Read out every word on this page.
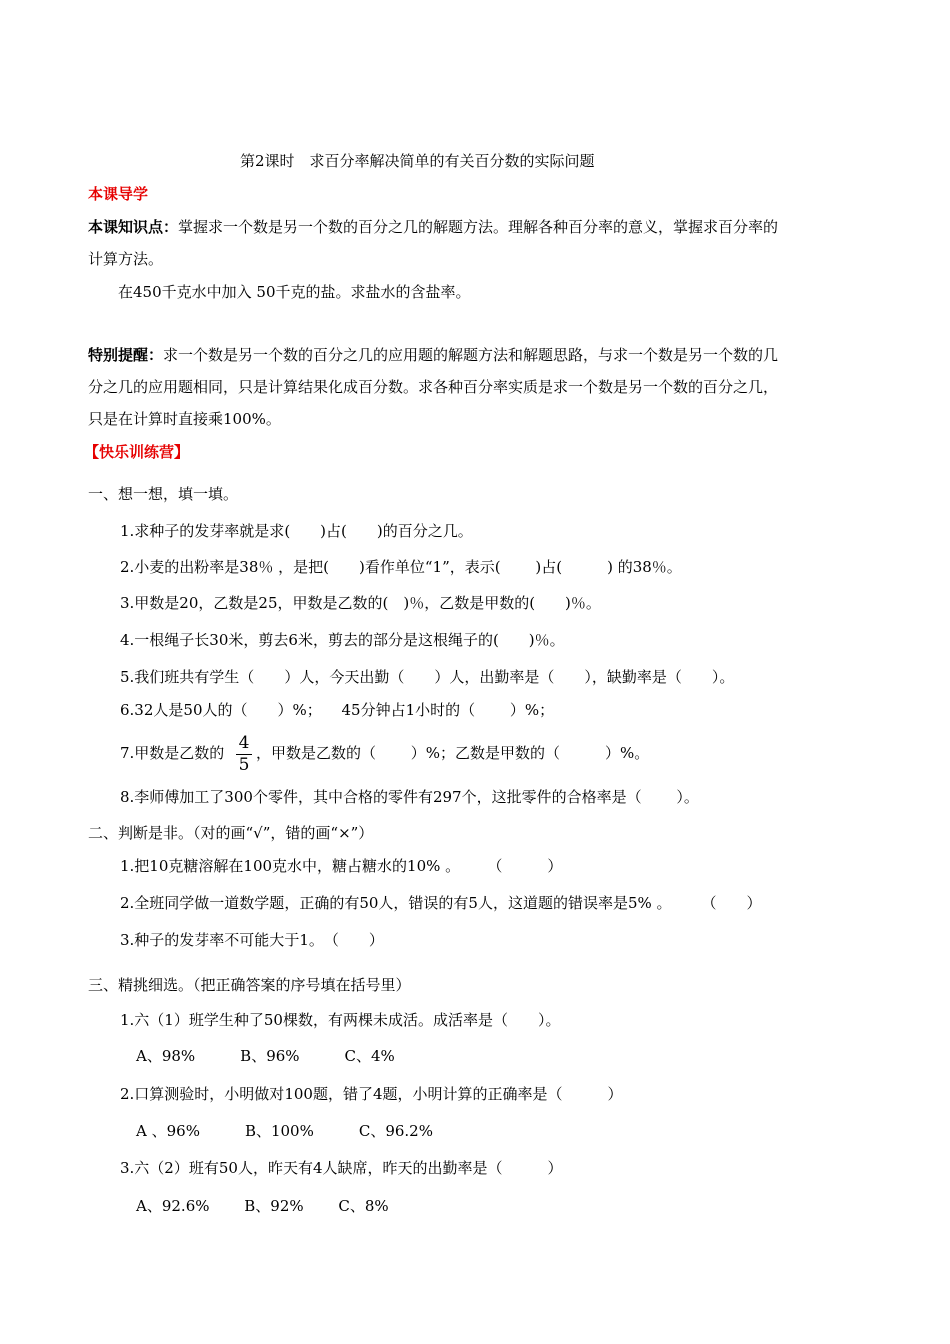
第2课时　求百分率解决简单的有关百分数的实际问题
本课导学
本课知识点：掌握求一个数是另一个数的百分之几的解题方法。理解各种百分率的意义，掌握求百分率的
计算方法。
在450千克水中加入 50千克的盐。求盐水的含盐率。
特别提醒：求一个数是另一个数的百分之几的应用题的解题方法和解题思路，与求一个数是另一个数的几
分之几的应用题相同，只是计算结果化成百分数。求各种百分率实质是求一个数是另一个数的百分之几，
只是在计算时直接乘100%。
【快乐训练营】
一、想一想，填一填。
1.求种子的发芽率就是求(　　)占(　　)的百分之几。
2.小麦的出粉率是38％ ，是把(　　)看作单位“1”，表示(　　 )占(　　　) 的38％。
3.甲数是20，乙数是25，甲数是乙数的(　)％，乙数是甲数的(　　)％。
4.一根绳子长30米，剪去6米，剪去的部分是这根绳子的(　　)％。
5.我们班共有学生（　　）人，今天出勤（　　）人，出勤率是（　　），缺勤率是（　　）。
6.32人是50人的（　　）%； 　45分钟占1小时的（　　 ）%；
7.甲数是乙数的 4
5
，甲数是乙数的（　　 ）%；乙数是甲数的（　　　）%。
8.李师傅加工了300个零件，其中合格的零件有297个，这批零件的合格率是（　　 ）。
二、判断是非。（对的画“√”，错的画“×”）
1.把10克糖溶解在100克水中，糖占糖水的10% 。　　 （　　　）
2.全班同学做一道数学题，正确的有50人，错误的有5人，这道题的错误率是5% 。　　　（　　）
3.种子的发芽率不可能大于1。　（　　）
三、精挑细选。（把正确答案的序号填在括号里）
1.六（1）班学生种了50棵数，有两棵未成活。成活率是（　　）。
A、98%　　　B、96%　　　C、4%
2.口算测验时，小明做对100题，错了4题，小明计算的正确率是（　　　）
A 、96%　　　B、100%　　　C、96.2%
3.六（2）班有50人，昨天有4人缺席，昨天的出勤率是（　　　）
A、92.6%　　 B、92%　　 C、8%
